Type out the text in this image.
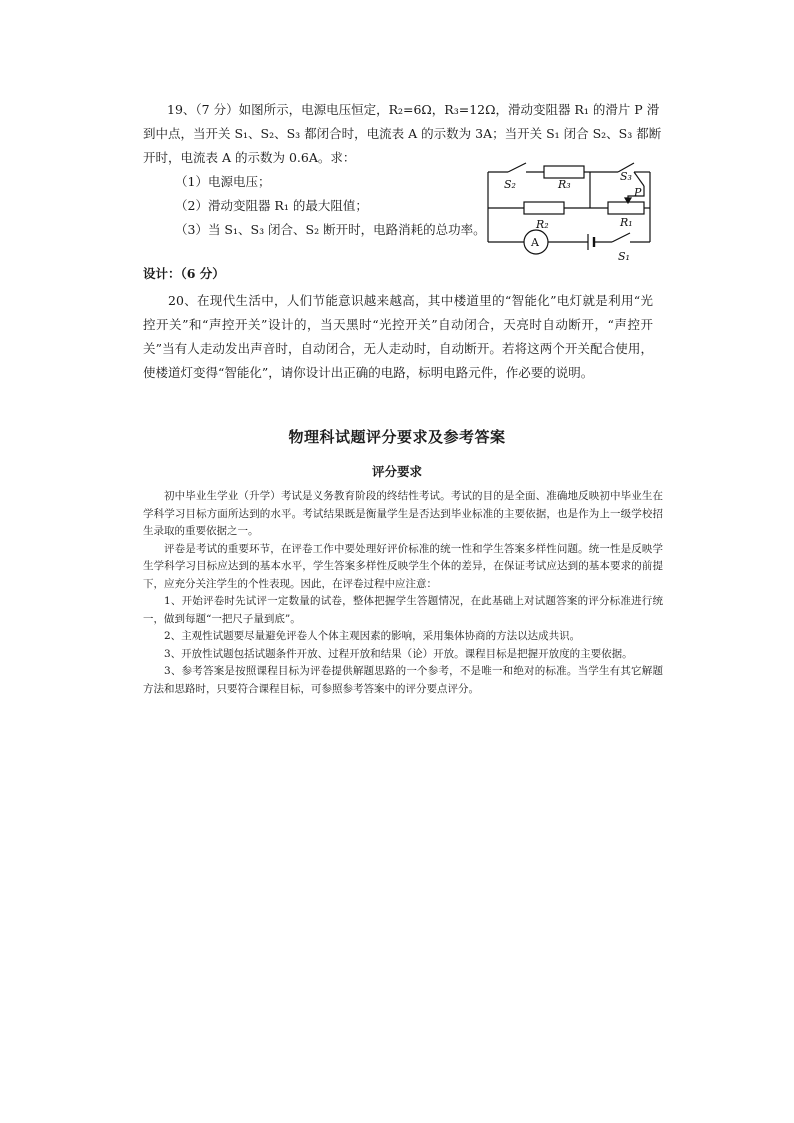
19、（7 分）如图所示，电源电压恒定，R₂=6Ω，R₃=12Ω，滑动变阻器 R₁ 的滑片 P 滑
到中点，当开关 S₁、S₂、S₃ 都闭合时，电流表 A 的示数为 3A；当开关 S₁ 闭合 S₂、S₃ 都断
开时，电流表 A 的示数为 0.6A。求：
（1）电源电压；
（2）滑动变阻器 R₁ 的最大阻值；
（3）当 S₁、S₃ 闭合、S₂ 断开时，电路消耗的总功率。
S₂	R₃
S₃
P
R₂	R₁
A
S₁
设计：（6 分）

20、在现代生活中，人们节能意识越来越高，其中楼道里的“智能化”电灯就是利用“光控开关”和“声控开关”设计的，当天黑时“光控开关”自动闭合，天亮时自动断开，“声控开关”当有人走动发出声音时，自动闭合，无人走动时，自动断开。若将这两个开关配合使用，使楼道灯变得“智能化”，请你设计出正确的电路，标明电路元件，作必要的说明。

物理科试题评分要求及参考答案
评分要求

初中毕业生学业（升学）考试是义务教育阶段的终结性考试。考试的目的是全面、准确地反映初中毕业生在学科学习目标方面所达到的水平。考试结果既是衡量学生是否达到毕业标准的主要依据，也是作为上一级学校招生录取的重要依据之一。

评卷是考试的重要环节，在评卷工作中要处理好评价标准的统一性和学生答案多样性问题。统一性是反映学生学科学习目标应达到的基本水平，学生答案多样性反映学生个体的差异，在保证考试应达到的基本要求的前提下，应充分关注学生的个性表现。因此，在评卷过程中应注意：

1、开始评卷时先试评一定数量的试卷，整体把握学生答题情况，在此基础上对试题答案的评分标准进行统一，做到每题“一把尺子量到底”。

2、主观性试题要尽量避免评卷人个体主观因素的影响，采用集体协商的方法以达成共识。

3、开放性试题包括试题条件开放、过程开放和结果（论）开放。课程目标是把握开放度的主要依据。

3、参考答案是按照课程目标为评卷提供解题思路的一个参考，不是唯一和绝对的标准。当学生有其它解题方法和思路时，只要符合课程目标，可参照参考答案中的评分要点评分。
